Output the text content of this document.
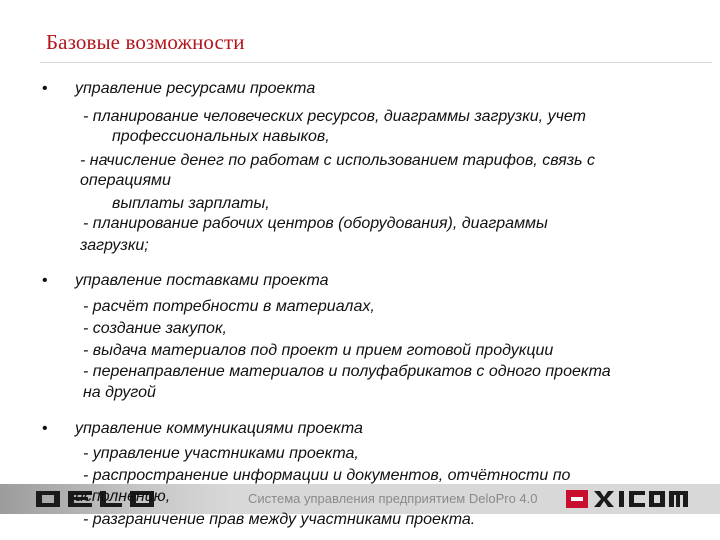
Базовые возможности
• управление ресурсами проекта
- планирование человеческих ресурсов, диаграммы загрузки, учет
профессиональных навыков,
- начисление денег по работам с использованием тарифов, связь с
операциями
выплаты зарплаты,
- планирование рабочих центров (оборудования), диаграммы
загрузки;
• управление поставками проекта
- расчёт потребности в материалах,
- создание закупок,
- выдача материалов под проект и прием готовой продукции
- перенаправление материалов и полуфабрикатов с одного проекта
на другой
• управление коммуникациями проекта
- управление участниками проекта,
- распространение информации и документов, отчётности по
исполнению,	Система управления предприятием DeloPro 4.0
- разграничение прав между участниками проекта.
